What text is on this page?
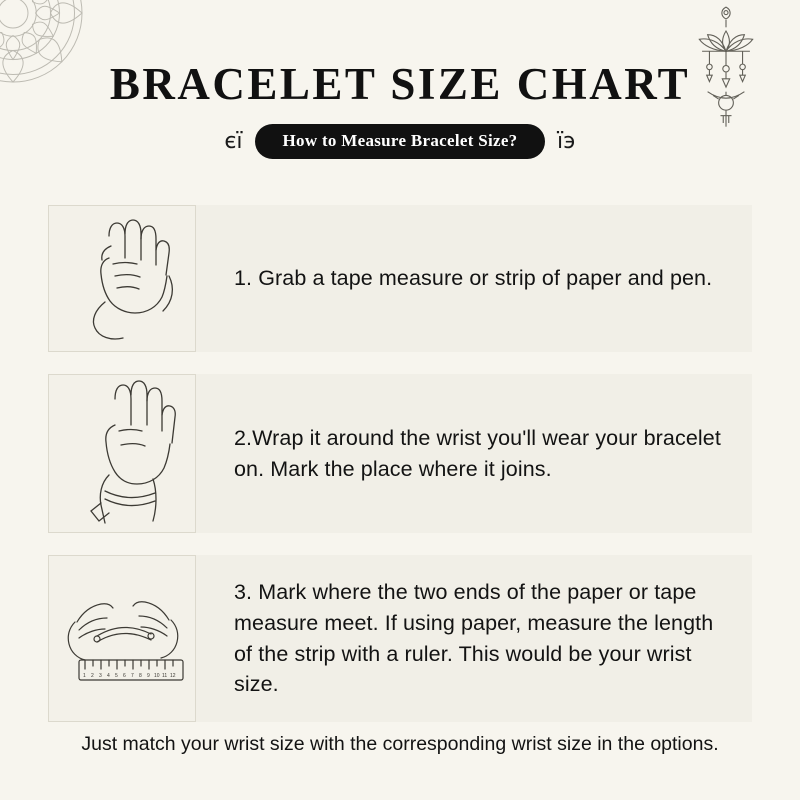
BRACELET SIZE CHART
єї	How to Measure Bracelet Size?	єї
1. Grab a tape measure or strip of paper and pen.
2.Wrap it around the wrist you'll wear your bracelet on. Mark the place where it joins.
1 2 3 4 5 6 7 8 9 10 11 12
3. Mark where the two ends of the paper or tape measure meet. If using paper, measure the length of the strip with a ruler. This would be your wrist size.
Just match your wrist size with the corresponding wrist size in the options.
